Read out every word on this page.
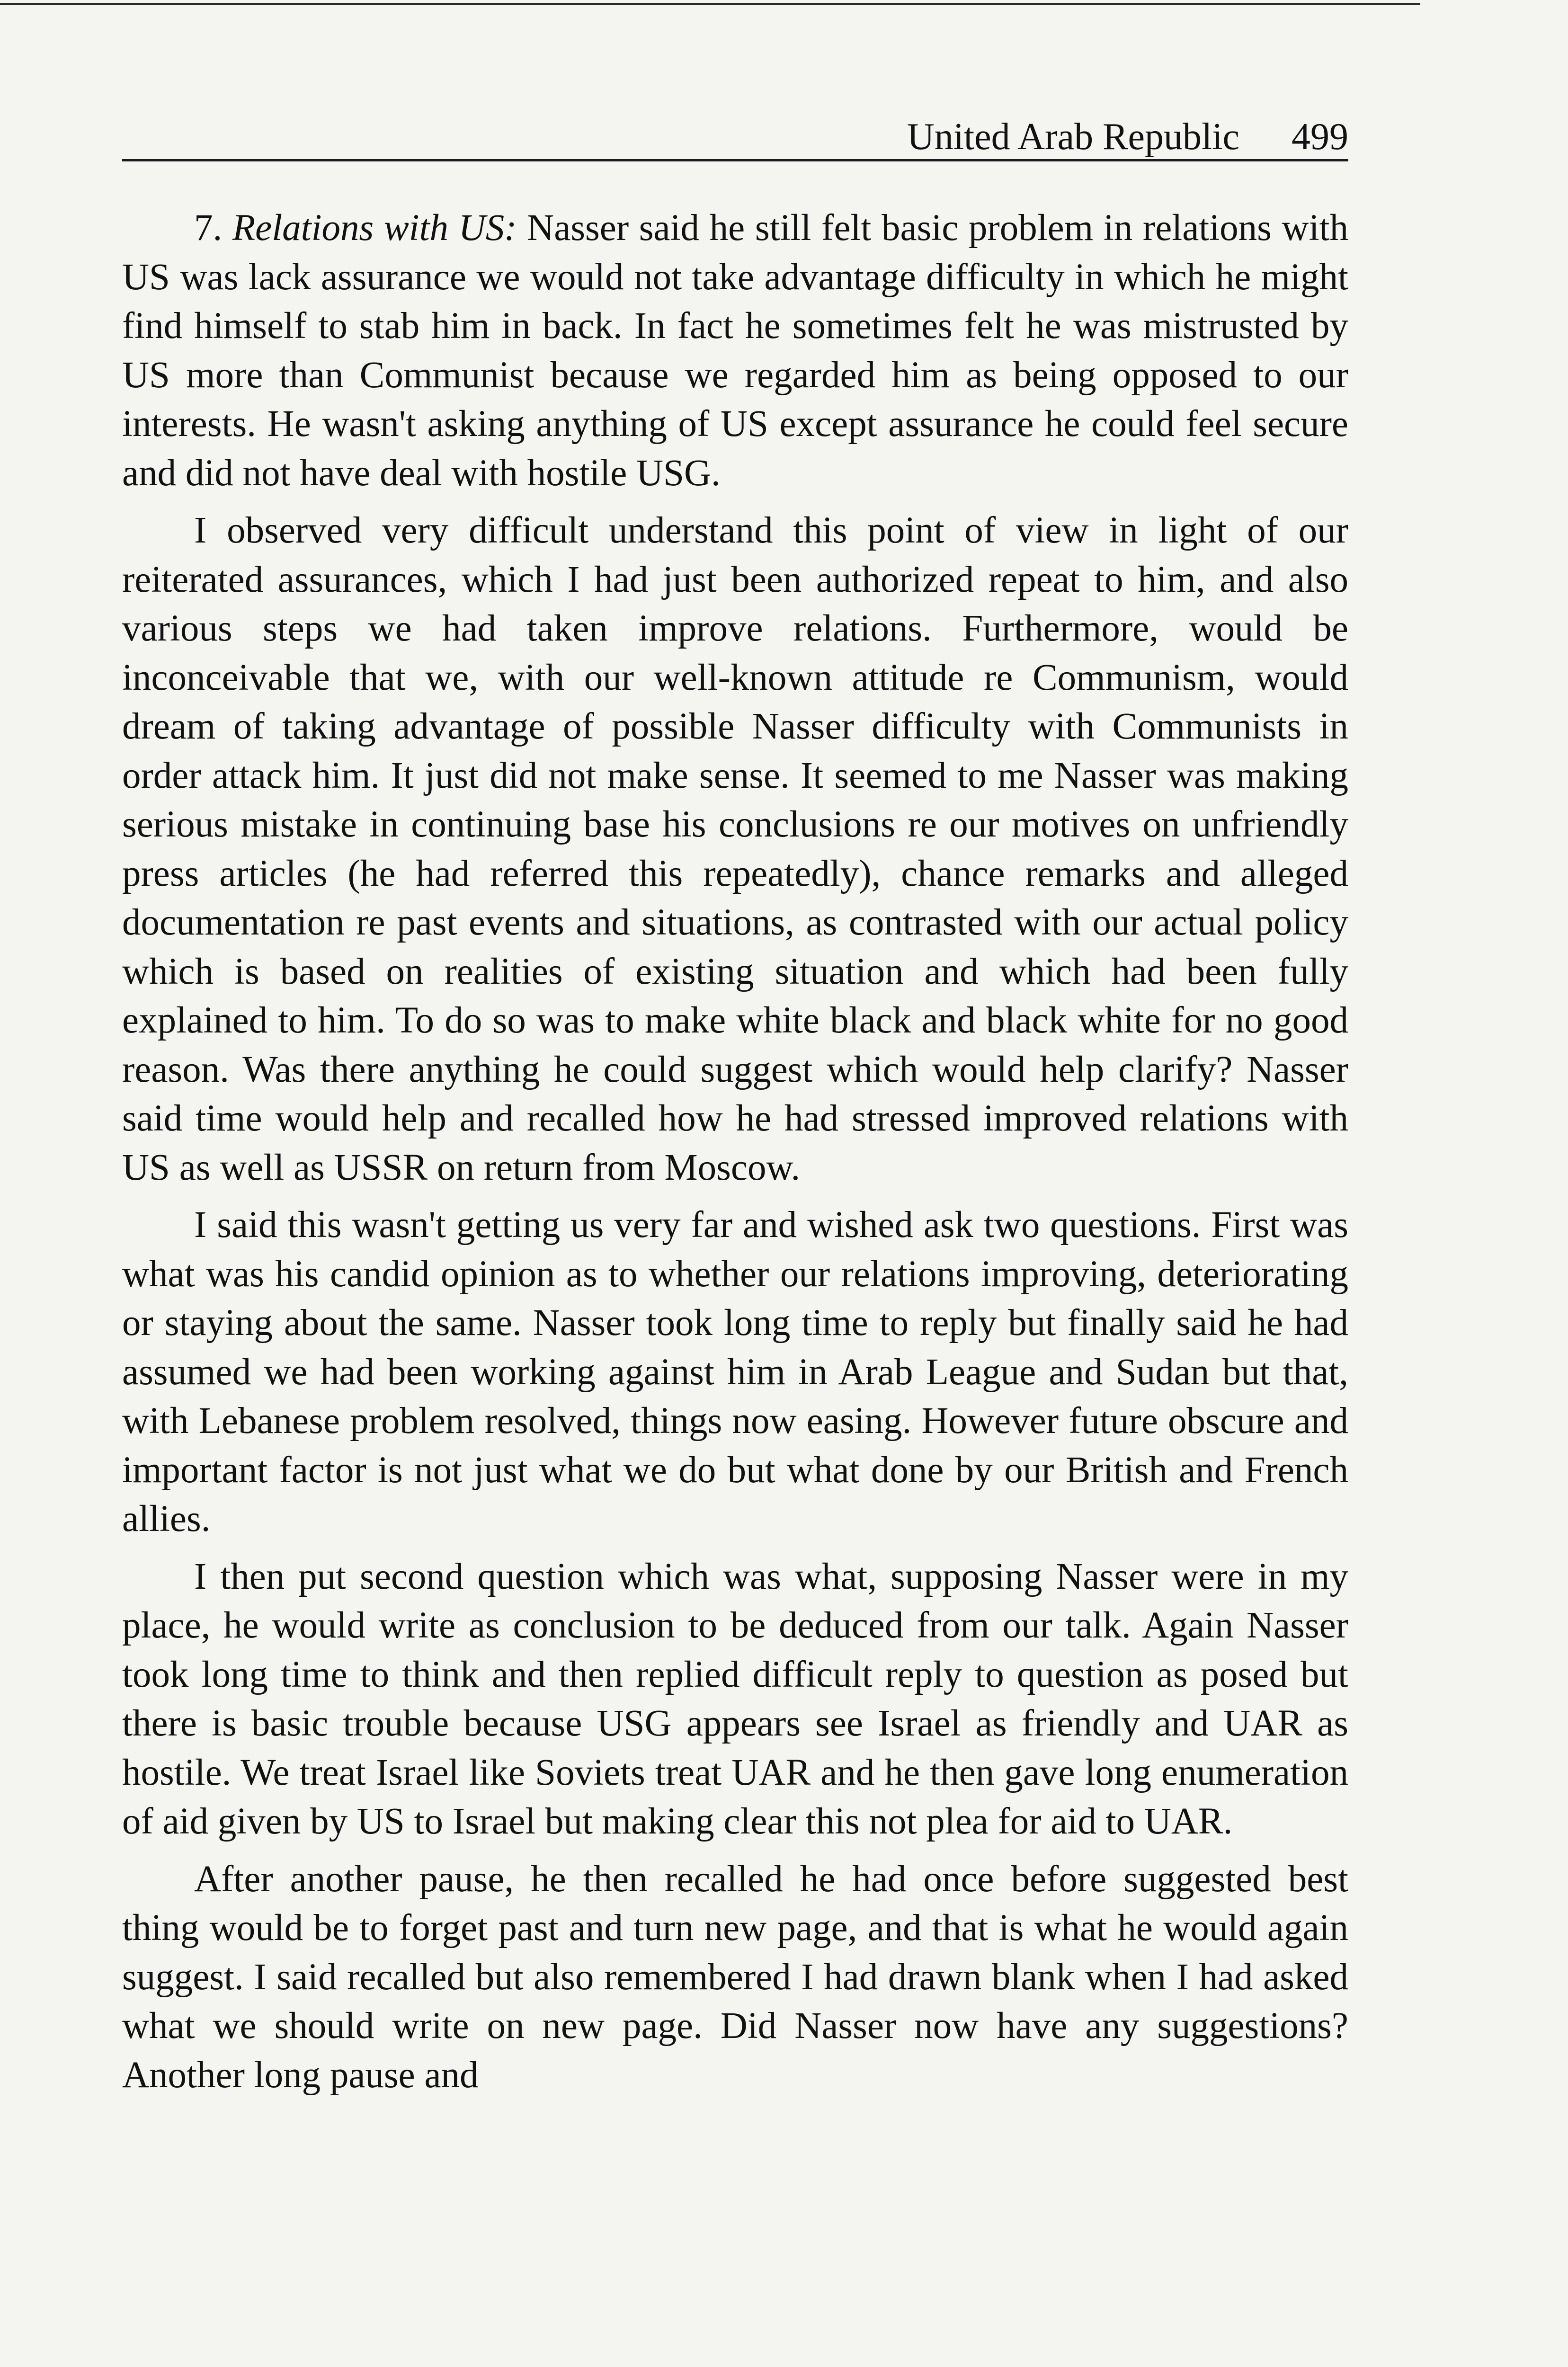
United Arab Republic 499

7. Relations with US: Nasser said he still felt basic problem in relations with US was lack assurance we would not take advantage difficulty in which he might find himself to stab him in back. In fact he sometimes felt he was mistrusted by US more than Communist because we regarded him as being opposed to our interests. He wasn't asking anything of US except assurance he could feel secure and did not have deal with hostile USG.

I observed very difficult understand this point of view in light of our reiterated assurances, which I had just been authorized repeat to him, and also various steps we had taken improve relations. Furthermore, would be inconceivable that we, with our well-known attitude re Communism, would dream of taking advantage of possible Nasser difficulty with Communists in order attack him. It just did not make sense. It seemed to me Nasser was making serious mistake in continuing base his conclusions re our motives on unfriendly press articles (he had referred this repeatedly), chance remarks and alleged documentation re past events and situations, as contrasted with our actual policy which is based on realities of existing situation and which had been fully explained to him. To do so was to make white black and black white for no good reason. Was there anything he could suggest which would help clarify? Nasser said time would help and recalled how he had stressed improved relations with US as well as USSR on return from Moscow.

I said this wasn't getting us very far and wished ask two questions. First was what was his candid opinion as to whether our relations improving, deteriorating or staying about the same. Nasser took long time to reply but finally said he had assumed we had been working against him in Arab League and Sudan but that, with Lebanese problem resolved, things now easing. However future obscure and important factor is not just what we do but what done by our British and French allies.

I then put second question which was what, supposing Nasser were in my place, he would write as conclusion to be deduced from our talk. Again Nasser took long time to think and then replied difficult reply to question as posed but there is basic trouble because USG appears see Israel as friendly and UAR as hostile. We treat Israel like Soviets treat UAR and he then gave long enumeration of aid given by US to Israel but making clear this not plea for aid to UAR.

After another pause, he then recalled he had once before suggested best thing would be to forget past and turn new page, and that is what he would again suggest. I said recalled but also remembered I had drawn blank when I had asked what we should write on new page. Did Nasser now have any suggestions? Another long pause and
